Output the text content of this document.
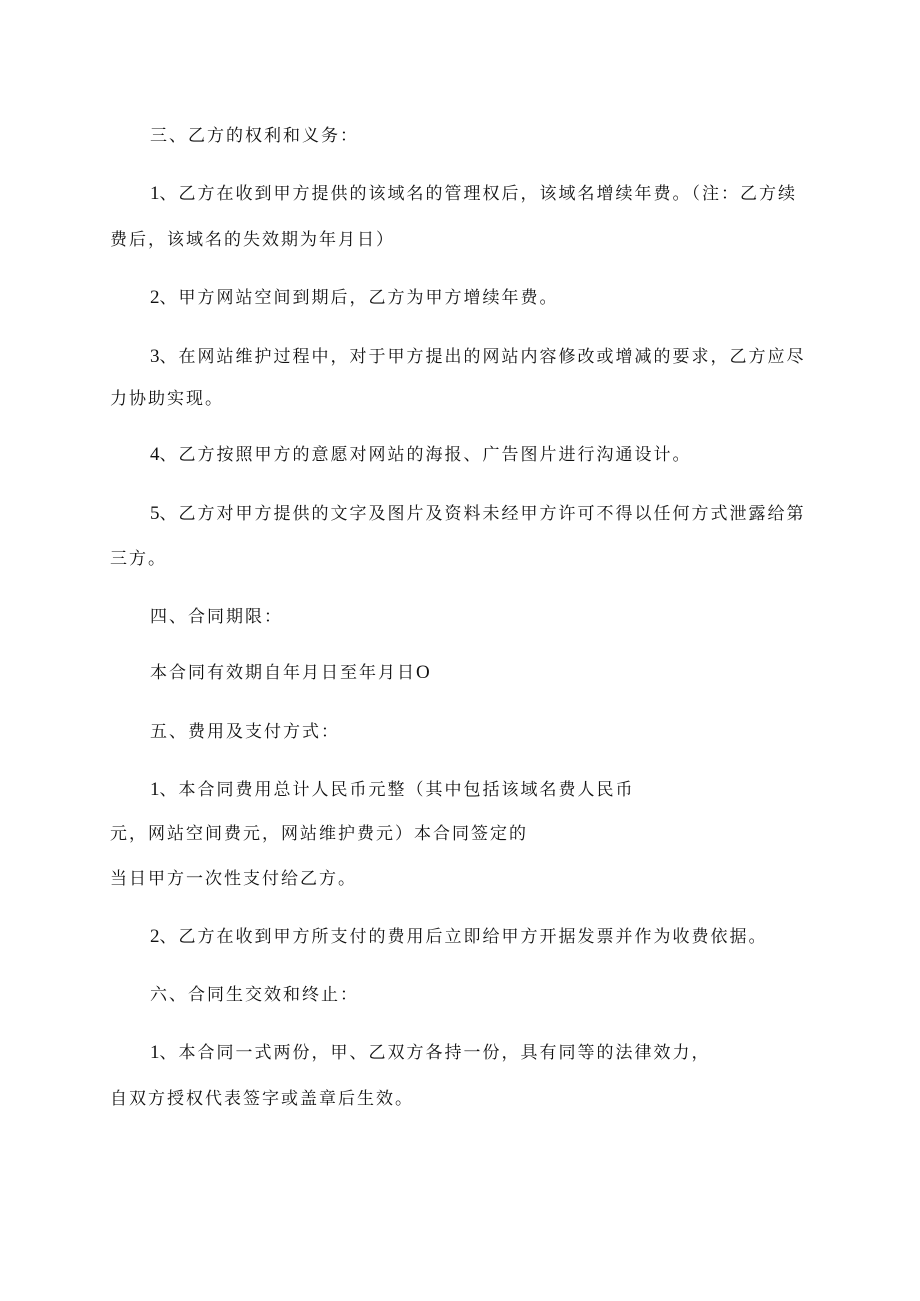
三、乙方的权利和义务：
1、乙方在收到甲方提供的该域名的管理权后，该域名增续年费。（注：乙方续
费后，该域名的失效期为年月日）
2、甲方网站空间到期后，乙方为甲方增续年费。
3、在网站维护过程中，对于甲方提出的网站内容修改或增减的要求，乙方应尽
力协助实现。
4、乙方按照甲方的意愿对网站的海报、广告图片进行沟通设计。
5、乙方对甲方提供的文字及图片及资料未经甲方许可不得以任何方式泄露给第
三方。
四、合同期限：
本合同有效期自年月日至年月日O
五、费用及支付方式：
1、本合同费用总计人民币元整（其中包括该域名费人民币
元，网站空间费元，网站维护费元）本合同签定的
当日甲方一次性支付给乙方。
2、乙方在收到甲方所支付的费用后立即给甲方开据发票并作为收费依据。
六、合同生交效和终止：
1、本合同一式两份，甲、乙双方各持一份，具有同等的法律效力，
自双方授权代表签字或盖章后生效。
